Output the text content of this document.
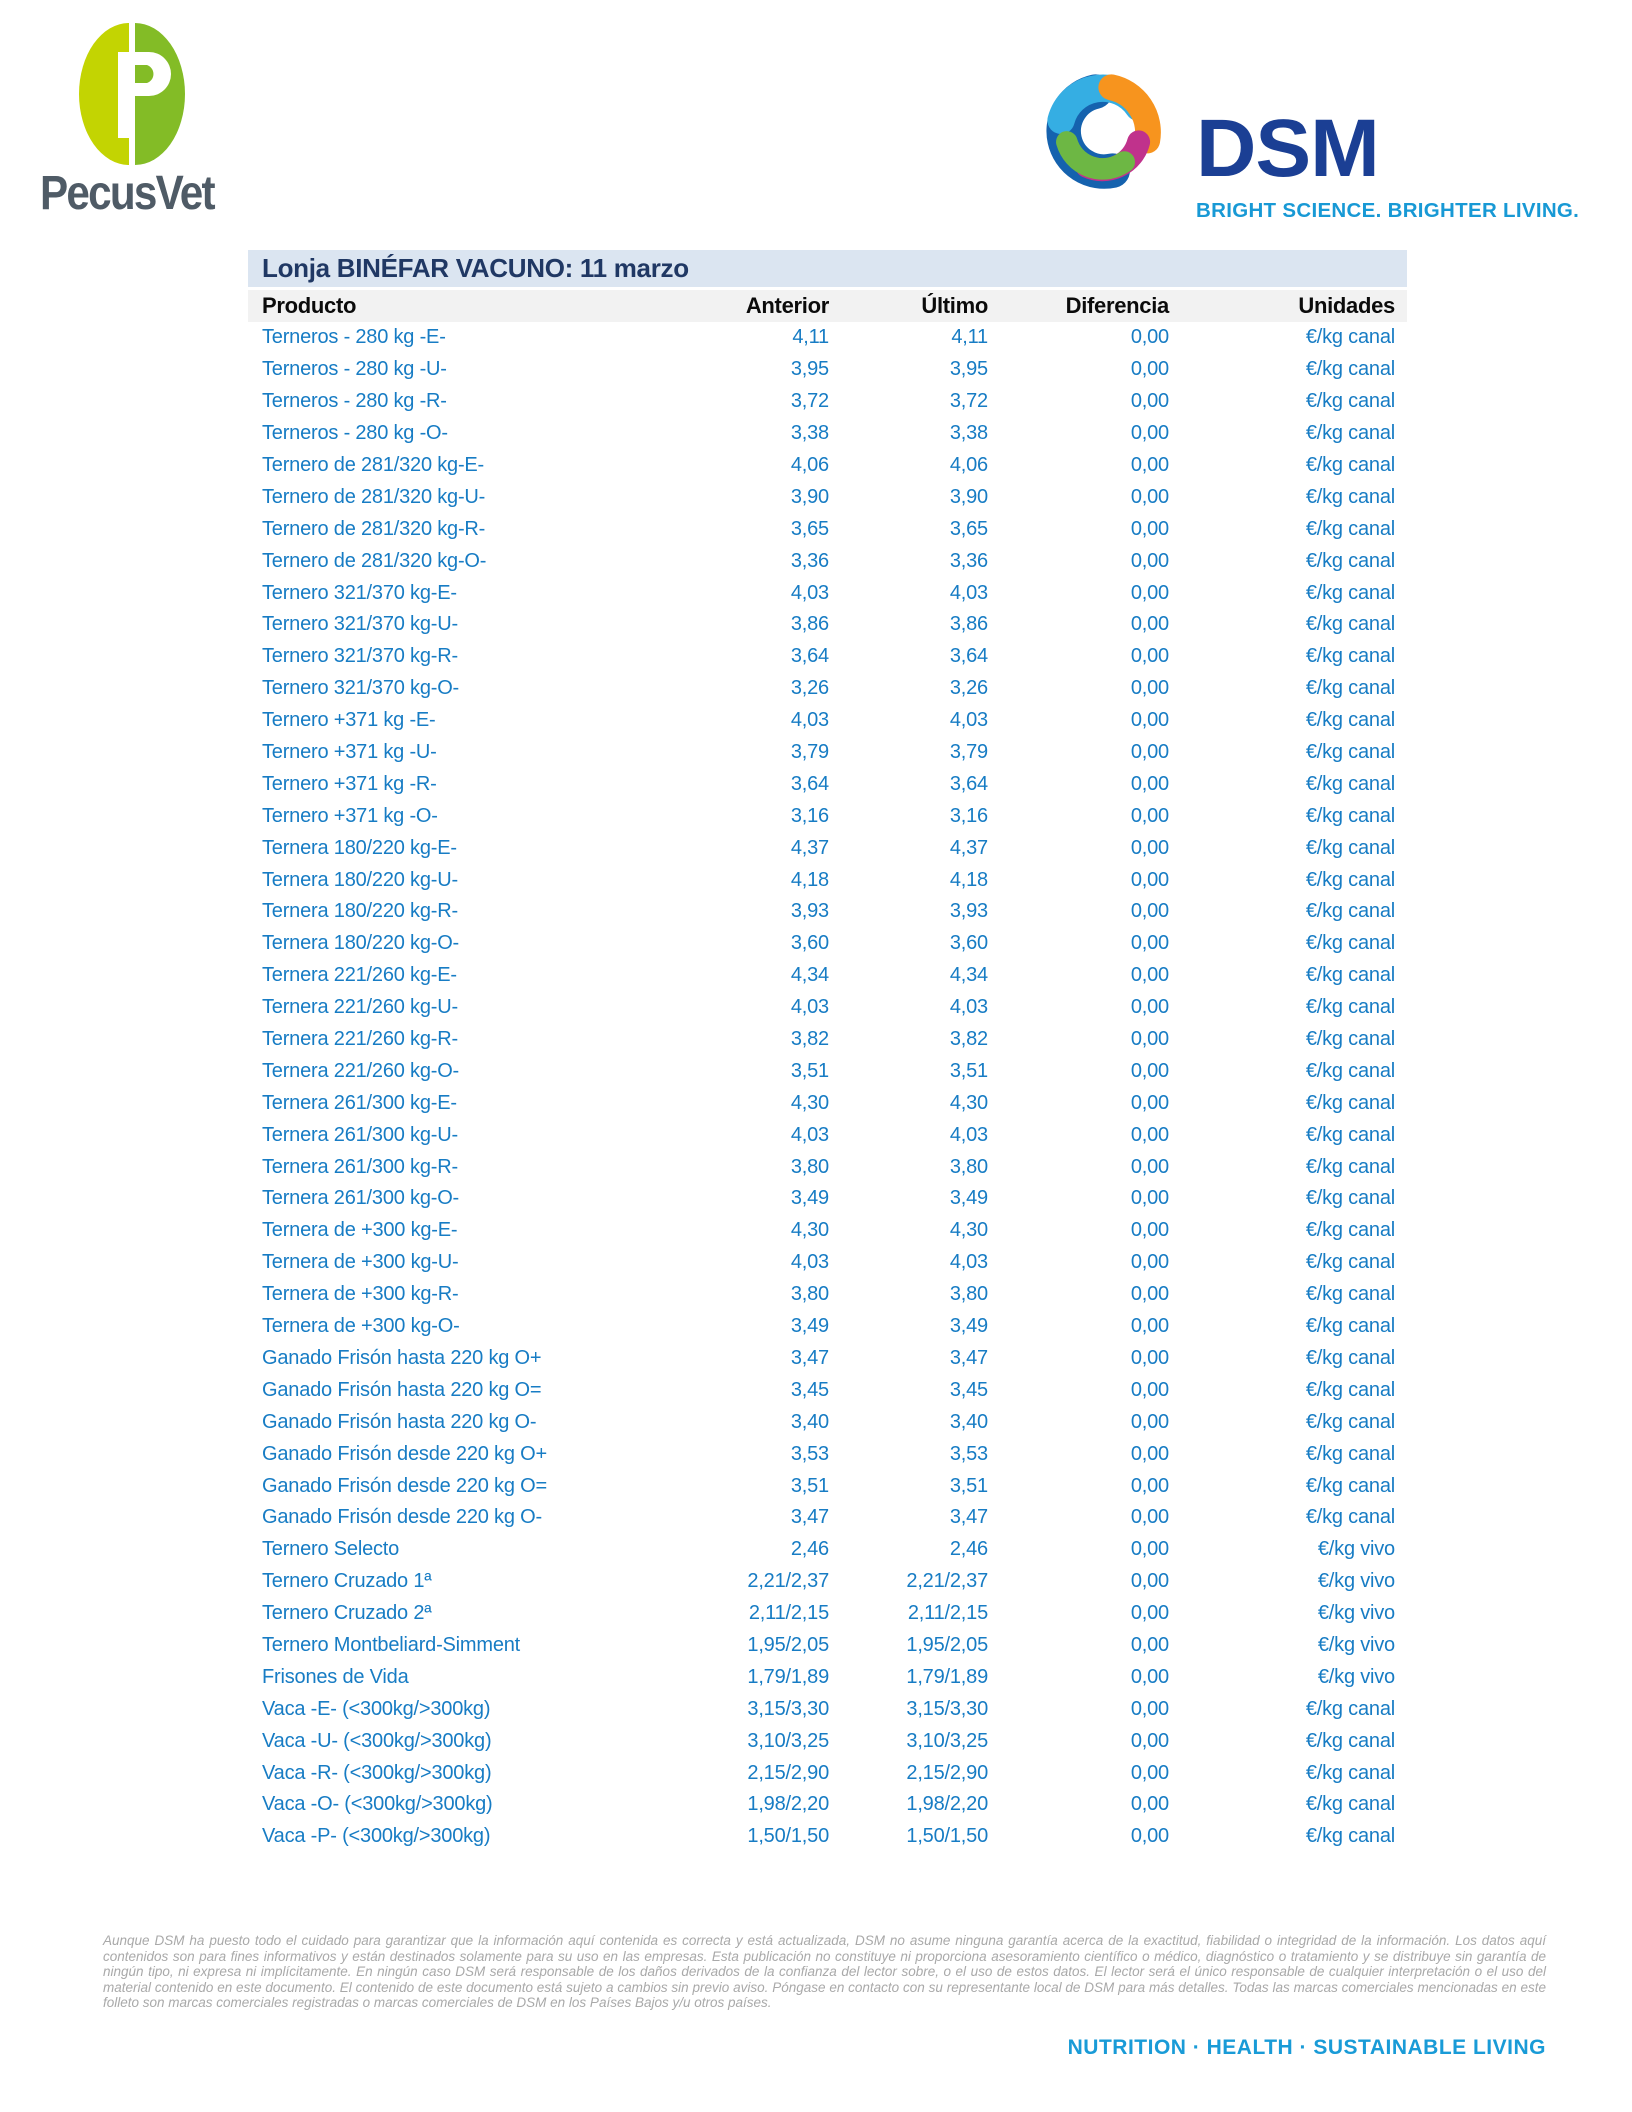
PecusVet	DSM
BRIGHT SCIENCE. BRIGHTER LIVING.
Lonja BINÉFAR VACUNO: 11 marzo
Producto	Anterior	Último	Diferencia	Unidades
Terneros - 280 kg -E-	4,11	4,11	0,00	€/kg canal
Terneros - 280 kg -U-	3,95	3,95	0,00	€/kg canal
Terneros - 280 kg -R-	3,72	3,72	0,00	€/kg canal
Terneros - 280 kg -O-	3,38	3,38	0,00	€/kg canal
Ternero de 281/320 kg-E-	4,06	4,06	0,00	€/kg canal
Ternero de 281/320 kg-U-	3,90	3,90	0,00	€/kg canal
Ternero de 281/320 kg-R-	3,65	3,65	0,00	€/kg canal
Ternero de 281/320 kg-O-	3,36	3,36	0,00	€/kg canal
Ternero 321/370 kg-E-	4,03	4,03	0,00	€/kg canal
Ternero 321/370 kg-U-	3,86	3,86	0,00	€/kg canal
Ternero 321/370 kg-R-	3,64	3,64	0,00	€/kg canal
Ternero 321/370 kg-O-	3,26	3,26	0,00	€/kg canal
Ternero +371 kg -E-	4,03	4,03	0,00	€/kg canal
Ternero +371 kg -U-	3,79	3,79	0,00	€/kg canal
Ternero +371 kg -R-	3,64	3,64	0,00	€/kg canal
Ternero +371 kg -O-	3,16	3,16	0,00	€/kg canal
Ternera 180/220 kg-E-	4,37	4,37	0,00	€/kg canal
Ternera 180/220 kg-U-	4,18	4,18	0,00	€/kg canal
Ternera 180/220 kg-R-	3,93	3,93	0,00	€/kg canal
Ternera 180/220 kg-O-	3,60	3,60	0,00	€/kg canal
Ternera 221/260 kg-E-	4,34	4,34	0,00	€/kg canal
Ternera 221/260 kg-U-	4,03	4,03	0,00	€/kg canal
Ternera 221/260 kg-R-	3,82	3,82	0,00	€/kg canal
Ternera 221/260 kg-O-	3,51	3,51	0,00	€/kg canal
Ternera 261/300 kg-E-	4,30	4,30	0,00	€/kg canal
Ternera 261/300 kg-U-	4,03	4,03	0,00	€/kg canal
Ternera 261/300 kg-R-	3,80	3,80	0,00	€/kg canal
Ternera 261/300 kg-O-	3,49	3,49	0,00	€/kg canal
Ternera de +300 kg-E-	4,30	4,30	0,00	€/kg canal
Ternera de +300 kg-U-	4,03	4,03	0,00	€/kg canal
Ternera de +300 kg-R-	3,80	3,80	0,00	€/kg canal
Ternera de +300 kg-O-	3,49	3,49	0,00	€/kg canal
Ganado Frisón hasta 220 kg O+	3,47	3,47	0,00	€/kg canal
Ganado Frisón hasta 220 kg O=	3,45	3,45	0,00	€/kg canal
Ganado Frisón hasta 220 kg O-	3,40	3,40	0,00	€/kg canal
Ganado Frisón desde 220 kg O+	3,53	3,53	0,00	€/kg canal
Ganado Frisón desde 220 kg O=	3,51	3,51	0,00	€/kg canal
Ganado Frisón desde 220 kg O-	3,47	3,47	0,00	€/kg canal
Ternero Selecto	2,46	2,46	0,00	€/kg vivo
Ternero Cruzado 1ª	2,21/2,37	2,21/2,37	0,00	€/kg vivo
Ternero Cruzado 2ª	2,11/2,15	2,11/2,15	0,00	€/kg vivo
Ternero Montbeliard-Simment	1,95/2,05	1,95/2,05	0,00	€/kg vivo
Frisones de Vida	1,79/1,89	1,79/1,89	0,00	€/kg vivo
Vaca -E- (<300kg/>300kg)	3,15/3,30	3,15/3,30	0,00	€/kg canal
Vaca -U- (<300kg/>300kg)	3,10/3,25	3,10/3,25	0,00	€/kg canal
Vaca -R- (<300kg/>300kg)	2,15/2,90	2,15/2,90	0,00	€/kg canal
Vaca -O- (<300kg/>300kg)	1,98/2,20	1,98/2,20	0,00	€/kg canal
Vaca -P- (<300kg/>300kg)	1,50/1,50	1,50/1,50	0,00	€/kg canal
Aunque DSM ha puesto todo el cuidado para garantizar que la información aquí contenida es correcta y está actualizada, DSM no asume ninguna garantía acerca de la exactitud, fiabilidad o integridad de la información. Los datos aquí contenidos son para fines informativos y están destinados solamente para su uso en las empresas. Esta publicación no constituye ni proporciona asesoramiento científico o médico, diagnóstico o tratamiento y se distribuye sin garantía de ningún tipo, ni expresa ni implícitamente. En ningún caso DSM será responsable de los daños derivados de la confianza del lector sobre, o el uso de estos datos. El lector será el único responsable de cualquier interpretación o el uso del material contenido en este documento. El contenido de este documento está sujeto a cambios sin previo aviso. Póngase en contacto con su representante local de DSM para más detalles. Todas las marcas comerciales mencionadas en este folleto son marcas comerciales registradas o marcas comerciales de DSM en los Países Bajos y/u otros países.
NUTRITION · HEALTH · SUSTAINABLE LIVING
